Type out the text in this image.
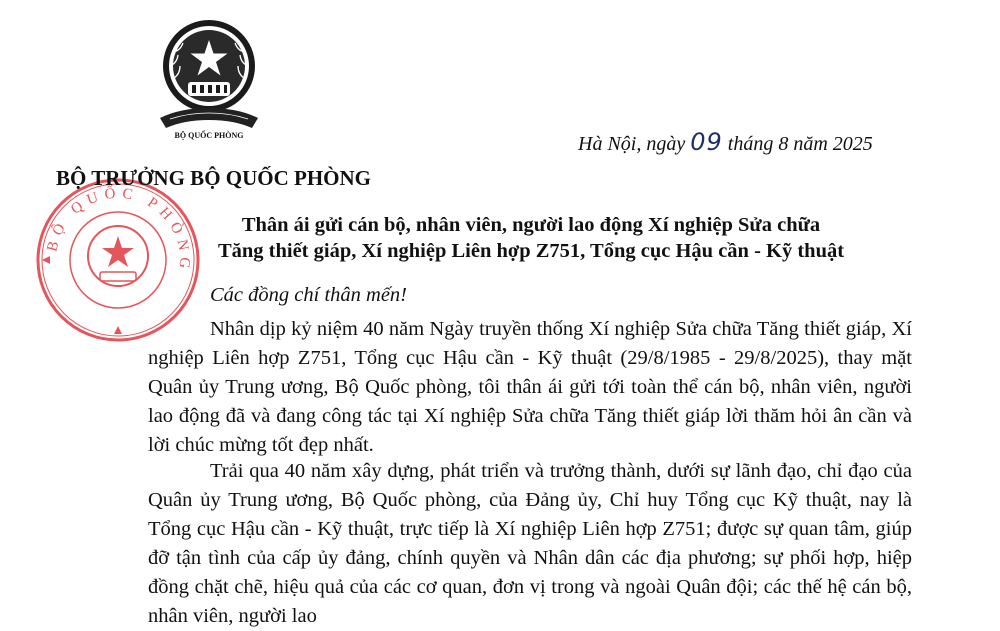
BỘ QUỐC PHÒNG
BỘ QUỐC PHÒNG
Hà Nội, ngày 09 tháng 8 năm 2025
BỘ TRƯỞNG BỘ QUỐC PHÒNG
Thân ái gửi cán bộ, nhân viên, người lao động Xí nghiệp Sửa chữa
Tăng thiết giáp, Xí nghiệp Liên hợp Z751, Tổng cục Hậu cần - Kỹ thuật
Các đồng chí thân mến!

Nhân dịp kỷ niệm 40 năm Ngày truyền thống Xí nghiệp Sửa chữa Tăng thiết giáp, Xí nghiệp Liên hợp Z751, Tổng cục Hậu cần - Kỹ thuật (29/8/1985 - 29/8/2025), thay mặt Quân ủy Trung ương, Bộ Quốc phòng, tôi thân ái gửi tới toàn thể cán bộ, nhân viên, người lao động đã và đang công tác tại Xí nghiệp Sửa chữa Tăng thiết giáp lời thăm hỏi ân cần và lời chúc mừng tốt đẹp nhất.

Trải qua 40 năm xây dựng, phát triển và trưởng thành, dưới sự lãnh đạo, chỉ đạo của Quân ủy Trung ương, Bộ Quốc phòng, của Đảng ủy, Chỉ huy Tổng cục Kỹ thuật, nay là Tổng cục Hậu cần - Kỹ thuật, trực tiếp là Xí nghiệp Liên hợp Z751; được sự quan tâm, giúp đỡ tận tình của cấp ủy đảng, chính quyền và Nhân dân các địa phương; sự phối hợp, hiệp đồng chặt chẽ, hiệu quả của các cơ quan, đơn vị trong và ngoài Quân đội; các thế hệ cán bộ, nhân viên, người lao
